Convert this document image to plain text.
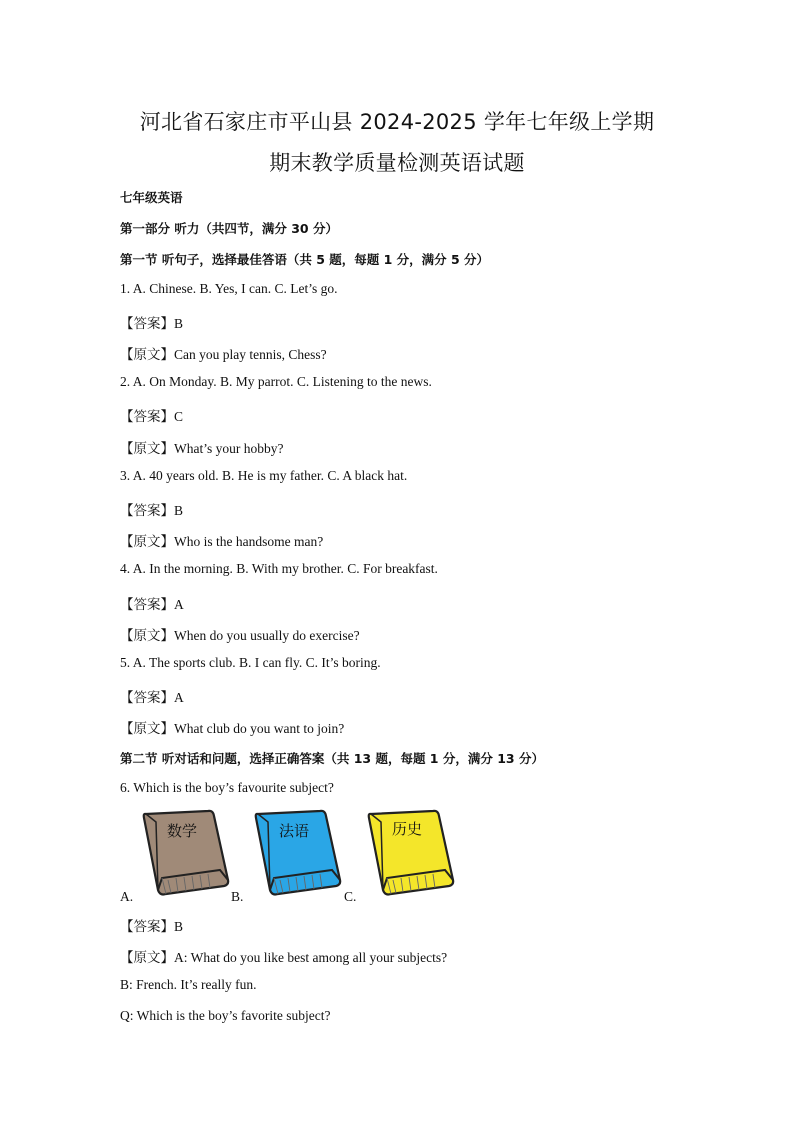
河北省石家庄市平山县 2024-2025 学年七年级上学期
期末教学质量检测英语试题
七年级英语
第一部分 听力（共四节，满分 30 分）
第一节 听句子，选择最佳答语（共 5 题，每题 1 分，满分 5 分）
1. A. Chinese. B. Yes, I can. C. Let’s go.
【答案】B
【原文】Can you play tennis, Chess?
2. A. On Monday. B. My parrot. C. Listening to the news.
【答案】C
【原文】What’s your hobby?
3. A. 40 years old. B. He is my father. C. A black hat.
【答案】B
【原文】Who is the handsome man?
4. A. In the morning. B. With my brother. C. For breakfast.
【答案】A
【原文】When do you usually do exercise?
5. A. The sports club. B. I can fly. C. It’s boring.
【答案】A
【原文】What club do you want to join?
第二节 听对话和问题，选择正确答案（共 13 题，每题 1 分，满分 13 分）
6. Which is the boy’s favourite subject?
A.	B.	C.
数学	法语	历史
【答案】B
【原文】A: What do you like best among all your subjects?
B: French. It’s really fun.
Q: Which is the boy’s favorite subject?
